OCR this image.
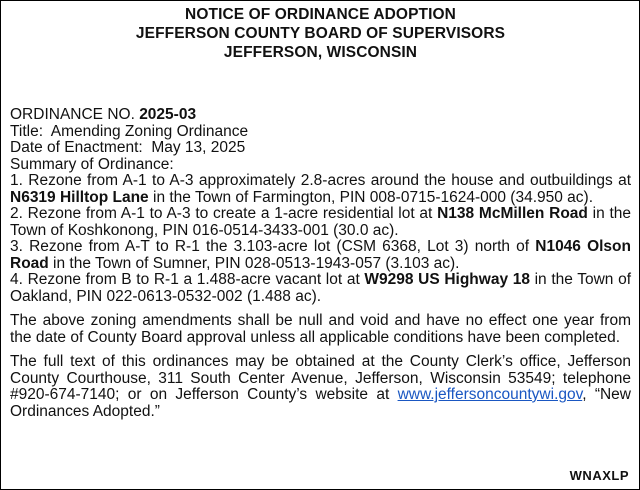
NOTICE OF ORDINANCE ADOPTION
JEFFERSON COUNTY BOARD OF SUPERVISORS
JEFFERSON, WISCONSIN
ORDINANCE NO. 2025-03
Title: Amending Zoning Ordinance
Date of Enactment: May 13, 2025
Summary of Ordinance:
1. Rezone from A-1 to A-3 approximately 2.8-acres around the house and outbuildings at N6319 Hilltop Lane in the Town of Farmington, PIN 008-0715-1624-000 (34.950 ac).
2. Rezone from A-1 to A-3 to create a 1-acre residential lot at N138 McMillen Road in the Town of Koshkonong, PIN 016-0514-3433-001 (30.0 ac).
3. Rezone from A-T to R-1 the 3.103-acre lot (CSM 6368, Lot 3) north of N1046 Olson Road in the Town of Sumner, PIN 028-0513-1943-057 (3.103 ac).
4. Rezone from B to R-1 a 1.488-acre vacant lot at W9298 US Highway 18 in the Town of Oakland, PIN 022-0613-0532-002 (1.488 ac).
The above zoning amendments shall be null and void and have no effect one year from the date of County Board approval unless all applicable conditions have been completed.
The full text of this ordinances may be obtained at the County Clerk’s office, Jefferson County Courthouse, 311 South Center Avenue, Jefferson, Wisconsin 53549; telephone #920-674-7140; or on Jefferson County’s website at www.jeffersoncountywi.gov, “New Ordinances Adopted.”
WNAXLP
